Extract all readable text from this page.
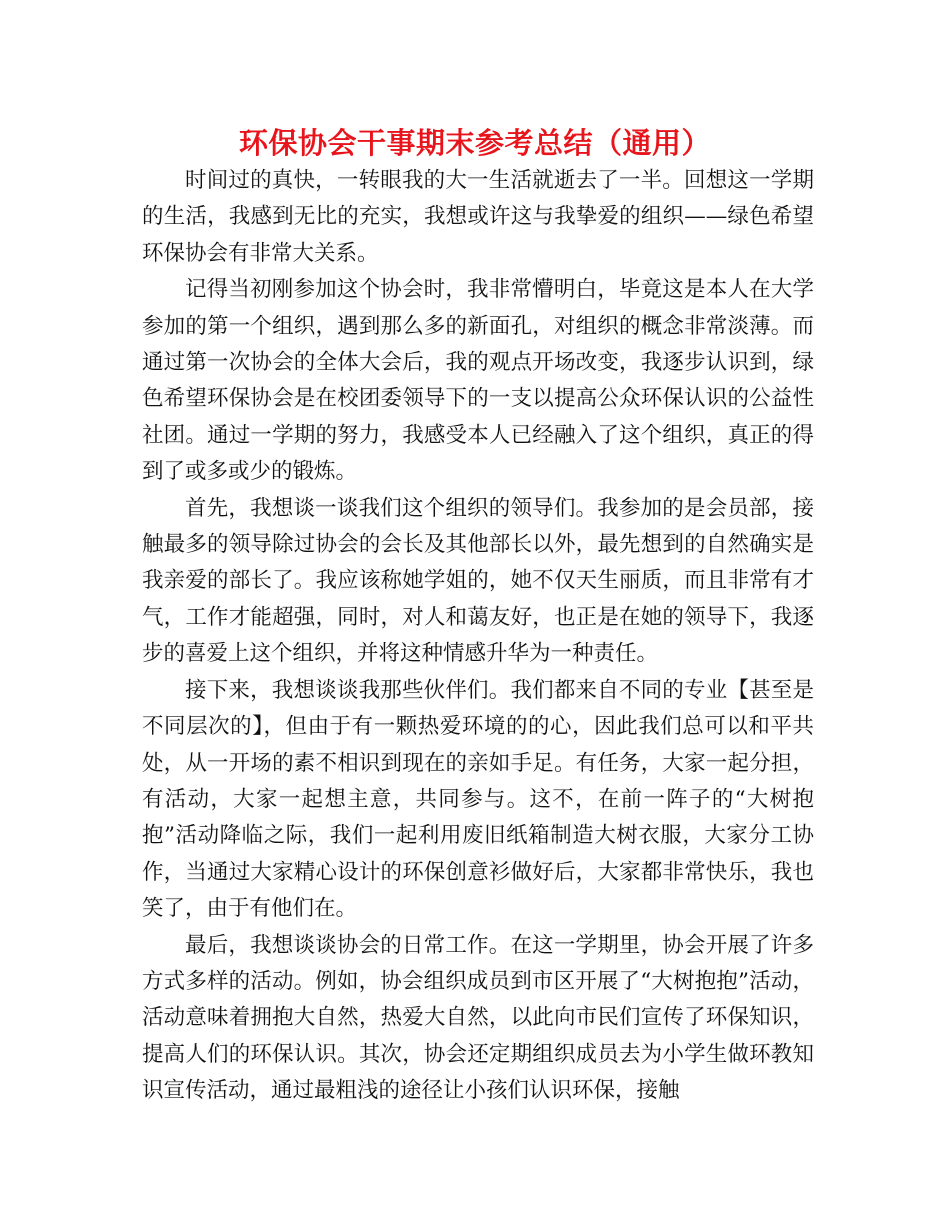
环保协会干事期末参考总结（通用）

时间过的真快，一转眼我的大一生活就逝去了一半。回想这一学期的生活，我感到无比的充实，我想或许这与我挚爱的组织——绿色希望环保协会有非常大关系。

记得当初刚参加这个协会时，我非常懵明白，毕竟这是本人在大学参加的第一个组织，遇到那么多的新面孔，对组织的概念非常淡薄。而通过第一次协会的全体大会后，我的观点开场改变，我逐步认识到，绿色希望环保协会是在校团委领导下的一支以提高公众环保认识的公益性社团。通过一学期的努力，我感受本人已经融入了这个组织，真正的得到了或多或少的锻炼。

首先，我想谈一谈我们这个组织的领导们。我参加的是会员部，接触最多的领导除过协会的会长及其他部长以外，最先想到的自然确实是我亲爱的部长了。我应该称她学姐的，她不仅天生丽质，而且非常有才气，工作才能超强，同时，对人和蔼友好，也正是在她的领导下，我逐步的喜爱上这个组织，并将这种情感升华为一种责任。

接下来，我想谈谈我那些伙伴们。我们都来自不同的专业【甚至是不同层次的】，但由于有一颗热爱环境的的心，因此我们总可以和平共处，从一开场的素不相识到现在的亲如手足。有任务，大家一起分担，有活动，大家一起想主意，共同参与。这不，在前一阵子的“大树抱抱”活动降临之际，我们一起利用废旧纸箱制造大树衣服，大家分工协作，当通过大家精心设计的环保创意衫做好后，大家都非常快乐，我也笑了，由于有他们在。

最后，我想谈谈协会的日常工作。在这一学期里，协会开展了许多方式多样的活动。例如，协会组织成员到市区开展了“大树抱抱”活动，活动意味着拥抱大自然，热爱大自然，以此向市民们宣传了环保知识，提高人们的环保认识。其次，协会还定期组织成员去为小学生做环教知识宣传活动，通过最粗浅的途径让小孩们认识环保，接触
